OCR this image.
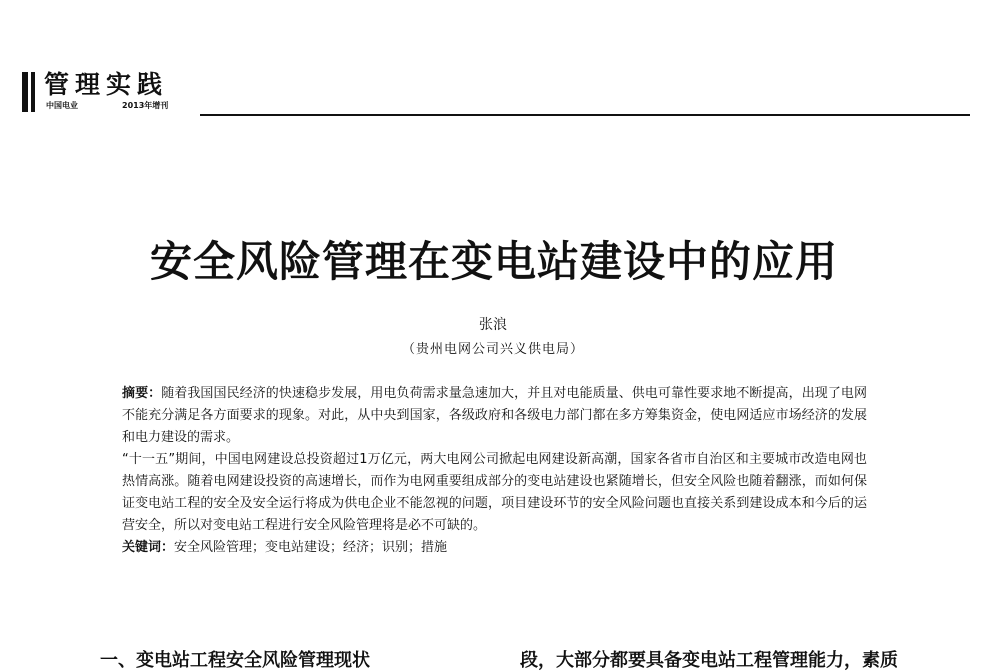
管理实践
中国电业	2013年增刊
安全风险管理在变电站建设中的应用
张浪
（贵州电网公司兴义供电局）

摘要：随着我国国民经济的快速稳步发展，用电负荷需求量急速加大，并且对电能质量、供电可靠性要求地不断提高，出现了电网不能充分满足各方面要求的现象。对此，从中央到国家，各级政府和各级电力部门都在多方筹集资金，使电网适应市场经济的发展和电力建设的需求。

“十一五”期间，中国电网建设总投资超过1万亿元，两大电网公司掀起电网建设新高潮，国家各省市自治区和主要城市改造电网也热情高涨。随着电网建设投资的高速增长，而作为电网重要组成部分的变电站建设也紧随增长，但安全风险也随着翻涨，而如何保证变电站工程的安全及安全运行将成为供电企业不能忽视的问题，项目建设环节的安全风险问题也直接关系到建设成本和今后的运营安全，所以对变电站工程进行安全风险管理将是必不可缺的。

关键词：安全风险管理；变电站建设；经济；识别；措施

一、变电站工程安全风险管理现状	段，大部分都要具备变电站工程管理能力，素质
